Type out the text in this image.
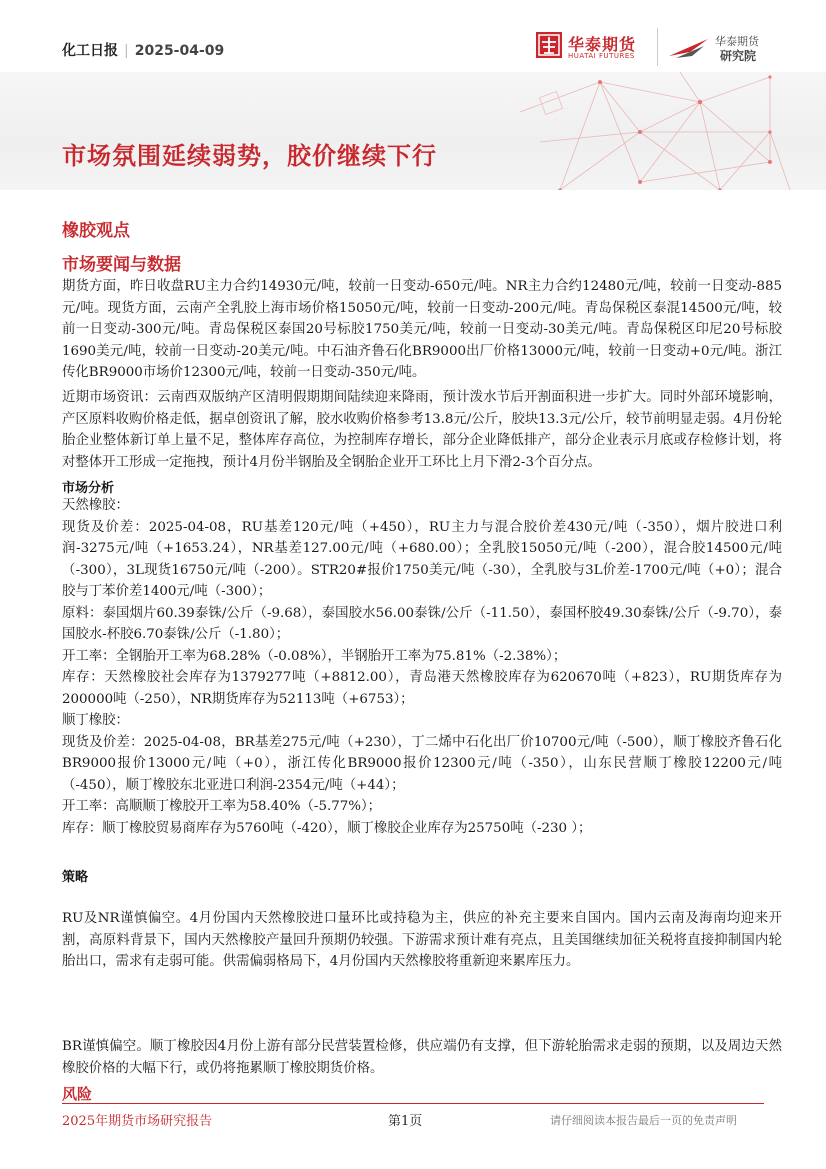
化工日报 | 2025-04-09	华泰期货
HUATAI FUTURES
华泰期货
研究院
市场氛围延续弱势，胶价继续下行
橡胶观点
市场要闻与数据
期货方面，昨日收盘RU主力合约14930元/吨，较前一日变动-650元/吨。NR主力合约12480元/吨，较前一日变动-885元/吨。现货方面，云南产全乳胶上海市场价格15050元/吨，较前一日变动-200元/吨。青岛保税区泰混14500元/吨，较前一日变动-300元/吨。青岛保税区泰国20号标胶1750美元/吨，较前一日变动-30美元/吨。青岛保税区印尼20号标胶1690美元/吨，较前一日变动-20美元/吨。中石油齐鲁石化BR9000出厂价格13000元/吨，较前一日变动+0元/吨。浙江传化BR9000市场价12300元/吨，较前一日变动-350元/吨。
近期市场资讯：云南西双版纳产区清明假期期间陆续迎来降雨，预计泼水节后开割面积进一步扩大。同时外部环境影响，产区原料收购价格走低，据卓创资讯了解，胶水收购价格参考13.8元/公斤，胶块13.3元/公斤，较节前明显走弱。4月份轮胎企业整体新订单上量不足，整体库存高位，为控制库存增长，部分企业降低排产，部分企业表示月底或存检修计划，将对整体开工形成一定拖拽，预计4月份半钢胎及全钢胎企业开工环比上月下滑2-3个百分点。
市场分析

天然橡胶：

现货及价差：2025-04-08，RU基差120元/吨（+450），RU主力与混合胶价差430元/吨（-350），烟片胶进口利润-3275元/吨（+1653.24），NR基差127.00元/吨（+680.00）；全乳胶15050元/吨（-200），混合胶14500元/吨（-300），3L现货16750元/吨（-200）。STR20#报价1750美元/吨（-30），全乳胶与3L价差-1700元/吨（+0）；混合胶与丁苯价差1400元/吨（-300）；

原料：泰国烟片60.39泰铢/公斤（-9.68），泰国胶水56.00泰铢/公斤（-11.50），泰国杯胶49.30泰铢/公斤（-9.70），泰国胶水-杯胶6.70泰铢/公斤（-1.80）；

开工率：全钢胎开工率为68.28%（-0.08%），半钢胎开工率为75.81%（-2.38%）；

库存：天然橡胶社会库存为1379277吨（+8812.00），青岛港天然橡胶库存为620670吨（+823），RU期货库存为200000吨（-250），NR期货库存为52113吨（+6753）；

顺丁橡胶：

现货及价差：2025-04-08，BR基差275元/吨（+230），丁二烯中石化出厂价10700元/吨（-500），顺丁橡胶齐鲁石化BR9000报价13000元/吨（+0），浙江传化BR9000报价12300元/吨（-350），山东民营顺丁橡胶12200元/吨（-450），顺丁橡胶东北亚进口利润-2354元/吨（+44）；

开工率：高顺顺丁橡胶开工率为58.40%（-5.77%）；

库存：顺丁橡胶贸易商库存为5760吨（-420），顺丁橡胶企业库存为25750吨（-230 ）；

策略
RU及NR谨慎偏空。4月份国内天然橡胶进口量环比或持稳为主，供应的补充主要来自国内。国内云南及海南均迎来开割，高原料背景下，国内天然橡胶产量回升预期仍较强。下游需求预计难有亮点，且美国继续加征关税将直接抑制国内轮胎出口，需求有走弱可能。供需偏弱格局下，4月份国内天然橡胶将重新迎来累库压力。
BR谨慎偏空。顺丁橡胶因4月份上游有部分民营装置检修，供应端仍有支撑，但下游轮胎需求走弱的预期，以及周边天然橡胶价格的大幅下行，或仍将拖累顺丁橡胶期货价格。
风险
2025年期货市场研究报告	第1页	请仔细阅读本报告最后一页的免责声明
